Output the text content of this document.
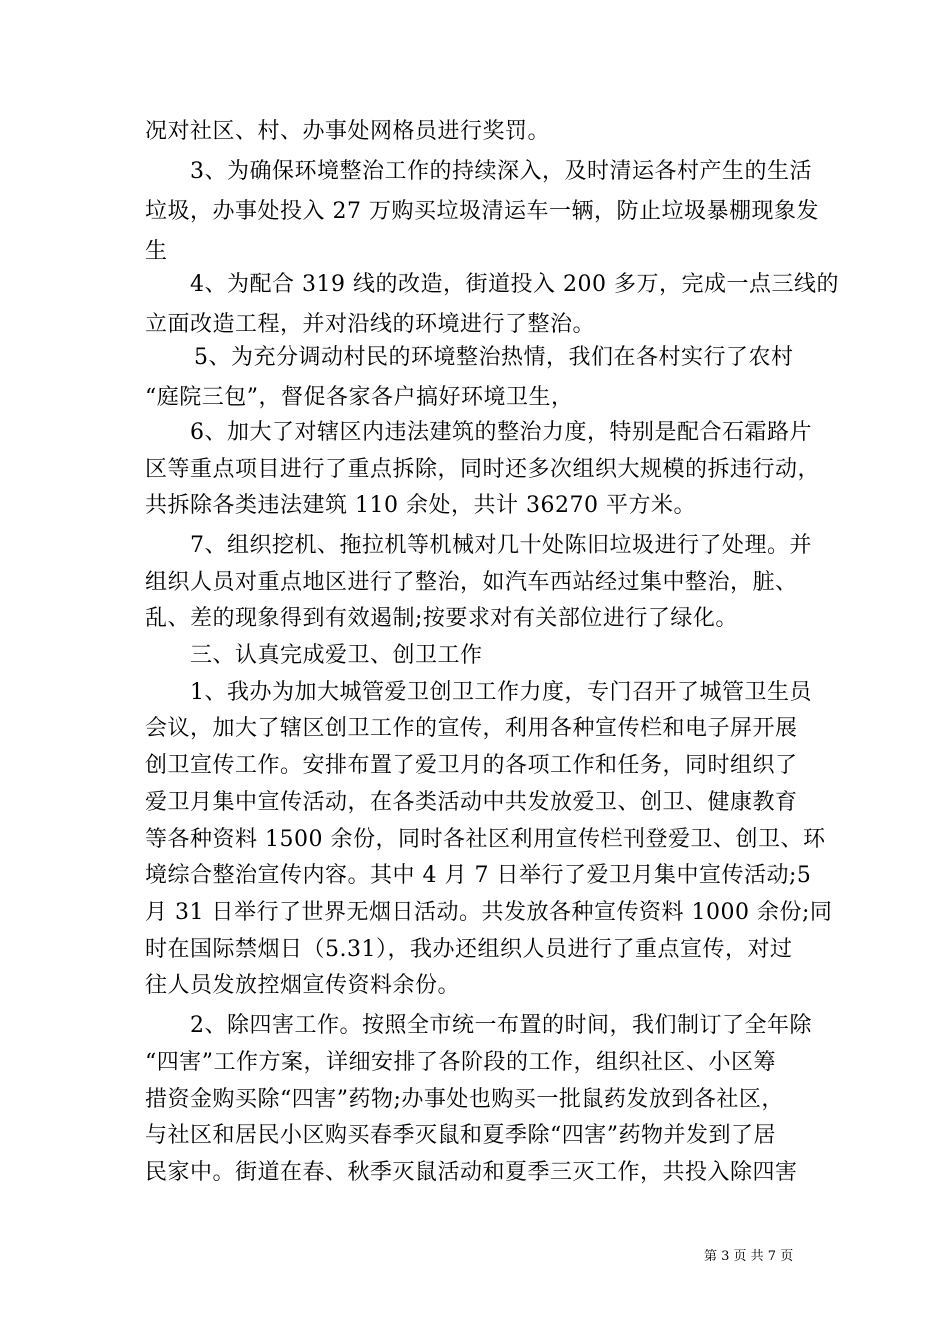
况对社区、村、办事处网格员进行奖罚。
3、为确保环境整治工作的持续深入，及时清运各村产生的生活
垃圾，办事处投入 27 万购买垃圾清运车一辆，防止垃圾暴棚现象发
生
4、为配合 319 线的改造，街道投入 200 多万，完成一点三线的
立面改造工程，并对沿线的环境进行了整治。
5、为充分调动村民的环境整治热情，我们在各村实行了农村
“庭院三包”，督促各家各户搞好环境卫生，
6、加大了对辖区内违法建筑的整治力度，特别是配合石霜路片
区等重点项目进行了重点拆除，同时还多次组织大规模的拆违行动，
共拆除各类违法建筑 110 余处，共计 36270 平方米。
7、组织挖机、拖拉机等机械对几十处陈旧垃圾进行了处理。并
组织人员对重点地区进行了整治，如汽车西站经过集中整治，脏、
乱、差的现象得到有效遏制;按要求对有关部位进行了绿化。
三、认真完成爱卫、创卫工作
1、我办为加大城管爱卫创卫工作力度，专门召开了城管卫生员
会议，加大了辖区创卫工作的宣传，利用各种宣传栏和电子屏开展
创卫宣传工作。安排布置了爱卫月的各项工作和任务，同时组织了
爱卫月集中宣传活动，在各类活动中共发放爱卫、创卫、健康教育
等各种资料 1500 余份，同时各社区利用宣传栏刊登爱卫、创卫、环
境综合整治宣传内容。其中 4 月 7 日举行了爱卫月集中宣传活动;5
月 31 日举行了世界无烟日活动。共发放各种宣传资料 1000 余份;同
时在国际禁烟日（5.31），我办还组织人员进行了重点宣传，对过
往人员发放控烟宣传资料余份。
2、除四害工作。按照全市统一布置的时间，我们制订了全年除
“四害”工作方案，详细安排了各阶段的工作，组织社区、小区筹
措资金购买除“四害”药物;办事处也购买一批鼠药发放到各社区，
与社区和居民小区购买春季灭鼠和夏季除“四害”药物并发到了居
民家中。街道在春、秋季灭鼠活动和夏季三灭工作，共投入除四害
第 3 页 共 7 页
